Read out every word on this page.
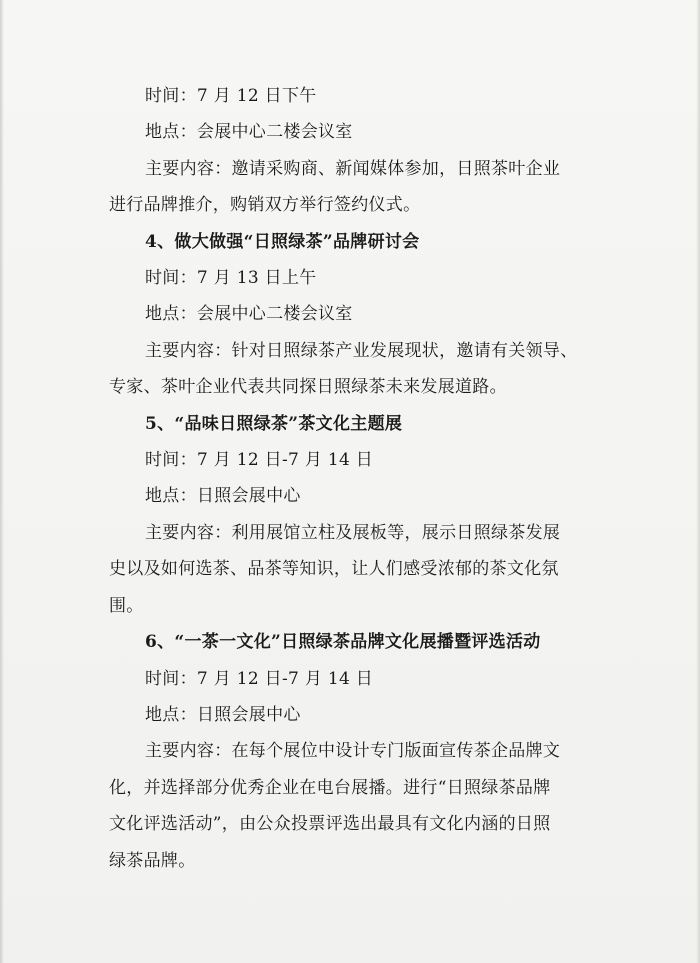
时间：7 月 12 日下午
地点：会展中心二楼会议室
主要内容：邀请采购商、新闻媒体参加，日照茶叶企业
进行品牌推介，购销双方举行签约仪式。
4、做大做强“日照绿茶”品牌研讨会
时间：7 月 13 日上午
地点：会展中心二楼会议室
主要内容：针对日照绿茶产业发展现状，邀请有关领导、
专家、茶叶企业代表共同探日照绿茶未来发展道路。
5、“品味日照绿茶”茶文化主题展
时间：7 月 12 日-7 月 14 日
地点：日照会展中心
主要内容：利用展馆立柱及展板等，展示日照绿茶发展
史以及如何选茶、品茶等知识，让人们感受浓郁的茶文化氛
围。
6、“一茶一文化”日照绿茶品牌文化展播暨评选活动
时间：7 月 12 日-7 月 14 日
地点：日照会展中心
主要内容：在每个展位中设计专门版面宣传茶企品牌文
化，并选择部分优秀企业在电台展播。进行“日照绿茶品牌
文化评选活动”，由公众投票评选出最具有文化内涵的日照
绿茶品牌。
